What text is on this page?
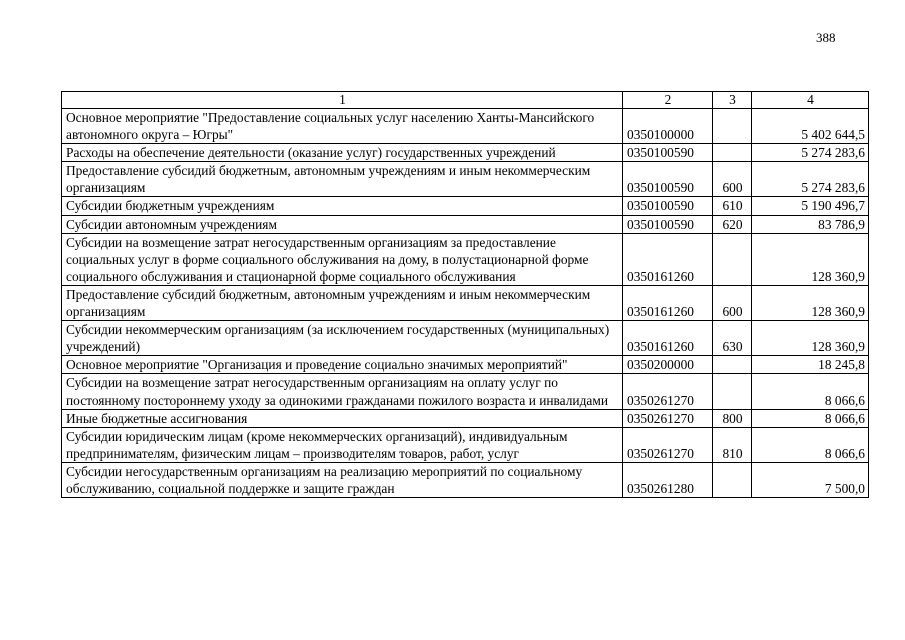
388
1	2	3	4
Основное мероприятие "Предоставление социальных услуг населению Ханты-Мансийского автономного округа – Югры"	0350100000		5 402 644,5
Расходы на обеспечение деятельности (оказание услуг) государственных учреждений	0350100590		5 274 283,6
Предоставление субсидий бюджетным, автономным учреждениям и иным некоммерческим организациям	0350100590	600	5 274 283,6
Субсидии бюджетным учреждениям	0350100590	610	5 190 496,7
Субсидии автономным учреждениям	0350100590	620	83 786,9
Субсидии на возмещение затрат негосударственным организациям за предоставление социальных услуг в форме социального обслуживания на дому, в полустационарной форме социального обслуживания и стационарной форме социального обслуживания	0350161260		128 360,9
Предоставление субсидий бюджетным, автономным учреждениям и иным некоммерческим организациям	0350161260	600	128 360,9
Субсидии некоммерческим организациям (за исключением государственных (муниципальных) учреждений)	0350161260	630	128 360,9
Основное мероприятие "Организация и проведение социально значимых мероприятий"	0350200000		18 245,8
Субсидии на возмещение затрат негосударственным организациям на оплату услуг по постоянному постороннему уходу за одинокими гражданами пожилого возраста и инвалидами	0350261270		8 066,6
Иные бюджетные ассигнования	0350261270	800	8 066,6
Субсидии юридическим лицам (кроме некоммерческих организаций), индивидуальным предпринимателям, физическим лицам – производителям товаров, работ, услуг	0350261270	810	8 066,6
Субсидии негосударственным организациям на реализацию мероприятий по социальному обслуживанию, социальной поддержке и защите граждан	0350261280		7 500,0
